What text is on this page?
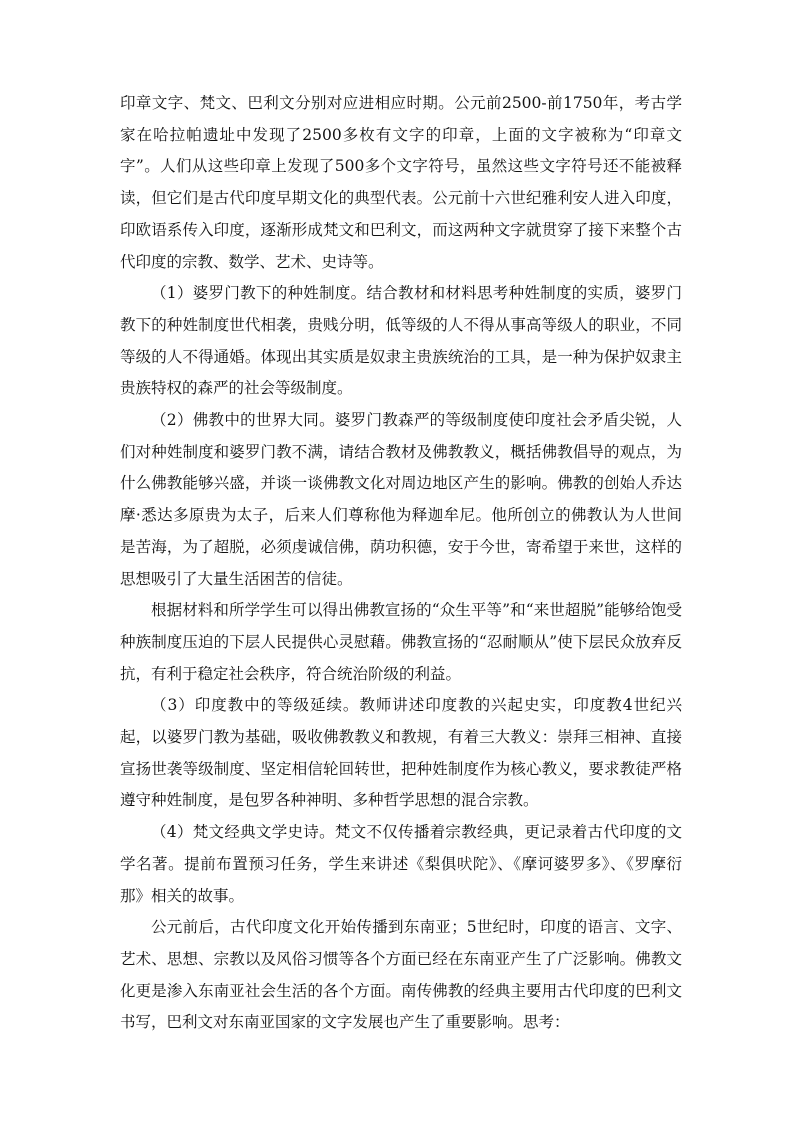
印章文字、梵文、巴利文分别对应进相应时期。公元前2500-前1750年，考古学家在哈拉帕遗址中发现了2500多枚有文字的印章，上面的文字被称为“印章文字”。人们从这些印章上发现了500多个文字符号，虽然这些文字符号还不能被释读，但它们是古代印度早期文化的典型代表。公元前十六世纪雅利安人进入印度，印欧语系传入印度，逐渐形成梵文和巴利文，而这两种文字就贯穿了接下来整个古代印度的宗教、数学、艺术、史诗等。

（1）婆罗门教下的种姓制度。结合教材和材料思考种姓制度的实质，婆罗门教下的种姓制度世代相袭，贵贱分明，低等级的人不得从事高等级人的职业，不同等级的人不得通婚。体现出其实质是奴隶主贵族统治的工具，是一种为保护奴隶主贵族特权的森严的社会等级制度。

（2）佛教中的世界大同。婆罗门教森严的等级制度使印度社会矛盾尖锐，人们对种姓制度和婆罗门教不满，请结合教材及佛教教义，概括佛教倡导的观点，为什么佛教能够兴盛，并谈一谈佛教文化对周边地区产生的影响。佛教的创始人乔达摩·悉达多原贵为太子，后来人们尊称他为释迦牟尼。他所创立的佛教认为人世间是苦海，为了超脱，必须虔诚信佛，荫功积德，安于今世，寄希望于来世，这样的思想吸引了大量生活困苦的信徒。

根据材料和所学学生可以得出佛教宣扬的“众生平等”和“来世超脱”能够给饱受种族制度压迫的下层人民提供心灵慰藉。佛教宣扬的“忍耐顺从”使下层民众放弃反抗，有利于稳定社会秩序，符合统治阶级的利益。

（3）印度教中的等级延续。教师讲述印度教的兴起史实，印度教4世纪兴起，以婆罗门教为基础，吸收佛教教义和教规，有着三大教义：崇拜三相神、直接宣扬世袭等级制度、坚定相信轮回转世，把种姓制度作为核心教义，要求教徒严格遵守种姓制度，是包罗各种神明、多种哲学思想的混合宗教。

（4）梵文经典文学史诗。梵文不仅传播着宗教经典，更记录着古代印度的文学名著。提前布置预习任务，学生来讲述《梨俱吠陀》、《摩诃婆罗多》、《罗摩衍那》相关的故事。

公元前后，古代印度文化开始传播到东南亚；5世纪时，印度的语言、文字、艺术、思想、宗教以及风俗习惯等各个方面已经在东南亚产生了广泛影响。佛教文化更是渗入东南亚社会生活的各个方面。南传佛教的经典主要用古代印度的巴利文书写，巴利文对东南亚国家的文字发展也产生了重要影响。思考：
